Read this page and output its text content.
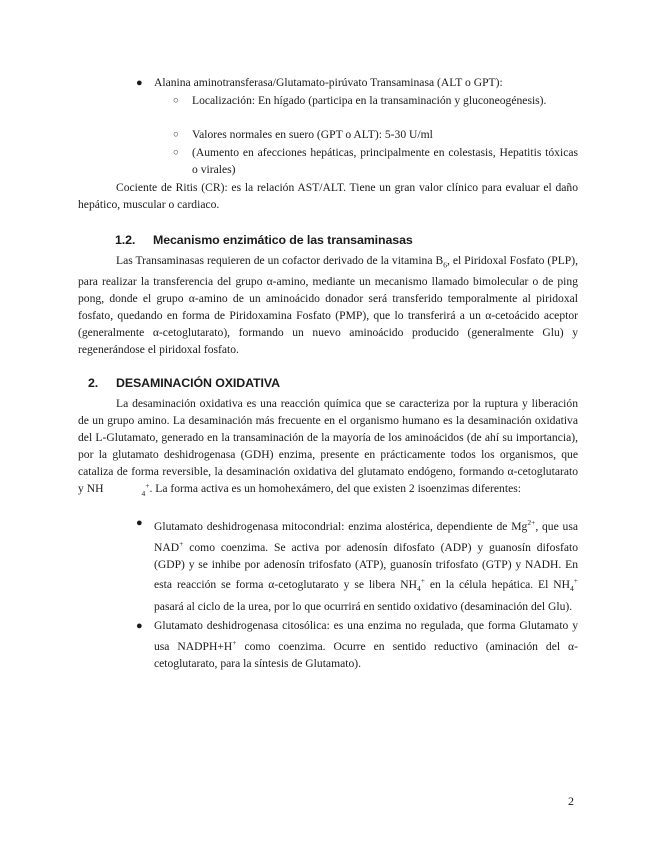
● Alanina aminotransferasa/Glutamato-pirúvato Transaminasa (ALT o GPT):
○ Localización: En hígado (participa en la transaminación y gluconeogénesis).
○ Valores normales en suero (GPT o ALT): 5-30 U/ml
○ (Aumento en afecciones hepáticas, principalmente en colestasis, Hepatitis tóxicas o virales)
Cociente de Ritis (CR): es la relación AST/ALT. Tiene un gran valor clínico para evaluar el daño hepático, muscular o cardiaco.
1.2. Mecanismo enzimático de las transaminasas
Las Transaminasas requieren de un cofactor derivado de la vitamina $B_6$, el Piridoxal Fosfato (PLP), para realizar la transferencia del grupo α-amino, mediante un mecanismo llamado bimolecular o de ping pong, donde el grupo α-amino de un aminoácido donador será transferido temporalmente al piridoxal fosfato, quedando en forma de Piridoxamina Fosfato (PMP), que lo transferirá a un α-cetoácido aceptor (generalmente α-cetoglutarato), formando un nuevo aminoácido producido (generalmente Glu) y regenerándose el piridoxal fosfato.
2. DESAMINACIÓN OXIDATIVA
La desaminación oxidativa es una reacción química que se caracteriza por la ruptura y liberación de un grupo amino. La desaminación más frecuente en el organismo humano es la desaminación oxidativa del L-Glutamato, generado en la transaminación de la mayoría de los aminoácidos (de ahí su importancia), por la glutamato deshidrogenasa (GDH) enzima, presente en prácticamente todos los organismos, que cataliza de forma reversible, la desaminación oxidativa del glutamato endógeno, formando α-cetoglutarato y NH	$_4$+. La forma activa es un homohexámero, del que existen 2 isoenzimas diferentes:
● Glutamato deshidrogenasa mitocondrial: enzima alostérica, dependiente de $Mg^{2+}$, que usa NAD+ como coenzima. Se activa por adenosín difosfato (ADP) y guanosín difosfato (GDP) y se inhibe por adenosín trifosfato (ATP), guanosín trifosfato (GTP) y NADH. En esta reacción se forma α-cetoglutarato y se libera $NH_4^+$ en la célula hepática. El $NH_4^+$ pasará al ciclo de la urea, por lo que ocurrirá en sentido oxidativo (desaminación del Glu).
● Glutamato deshidrogenasa citosólica: es una enzima no regulada, que forma Glutamato y usa NADPH+H+ como coenzima. Ocurre en sentido reductivo (aminación del α-cetoglutarato, para la síntesis de Glutamato).
2
